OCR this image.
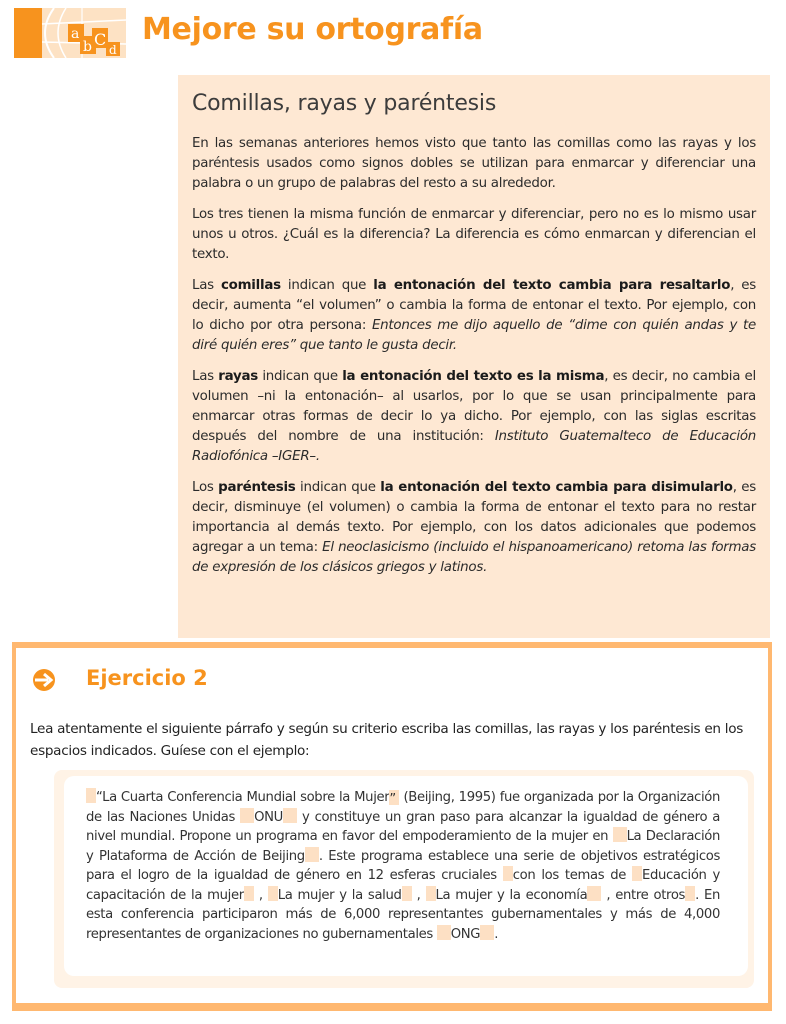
a
b C
d
Mejore su ortografía
Comillas, rayas y paréntesis

En las semanas anteriores hemos visto que tanto las comillas como las rayas y los paréntesis usados como signos dobles se utilizan para enmarcar y diferenciar una palabra o un grupo de palabras del resto a su alrededor.

Los tres tienen la misma función de enmarcar y diferenciar, pero no es lo mismo usar unos u otros. ¿Cuál es la diferencia? La diferencia es cómo enmarcan y diferencian el texto.

Las comillas indican que la entonación del texto cambia para resaltarlo, es decir, aumenta “el volumen” o cambia la forma de entonar el texto. Por ejemplo, con lo dicho por otra persona: Entonces me dijo aquello de “dime con quién andas y te diré quién eres” que tanto le gusta decir.

Las rayas indican que la entonación del texto es la misma, es decir, no cambia el volumen –ni la entonación– al usarlos, por lo que se usan principalmente para enmarcar otras formas de decir lo ya dicho. Por ejemplo, con las siglas escritas después del nombre de una institución: Instituto Guatemalteco de Educación Radiofónica –IGER–.

Los paréntesis indican que la entonación del texto cambia para disimularlo, es decir, disminuye (el volumen) o cambia la forma de entonar el texto para no restar importancia al demás texto. Por ejemplo, con los datos adicionales que podemos agregar a un tema: El neoclasicismo (incluido el hispanoamericano) retoma las formas de expresión de los clásicos griegos y latinos.

Ejercicio 2
Lea atentamente el siguiente párrafo y según su criterio escriba las comillas, las rayas y los paréntesis en los espacios indicados. Guíese con el ejemplo:

“La Cuarta Conferencia Mundial sobre la Mujer” (Beijing, 1995) fue organizada por la Organización de las Naciones Unidas ONU y constituye un gran paso para alcanzar la igualdad de género a nivel mundial. Propone un programa en favor del empoderamiento de la mujer en La Declaración y Plataforma de Acción de Beijing . Este programa establece una serie de objetivos estratégicos para el logro de la igualdad de género en 12 esferas cruciales con los temas de Educación y capacitación de la mujer , La mujer y la salud , La mujer y la economía , entre otros . En esta conferencia participaron más de 6,000 representantes gubernamentales y más de 4,000 representantes de organizaciones no gubernamentales ONG .
